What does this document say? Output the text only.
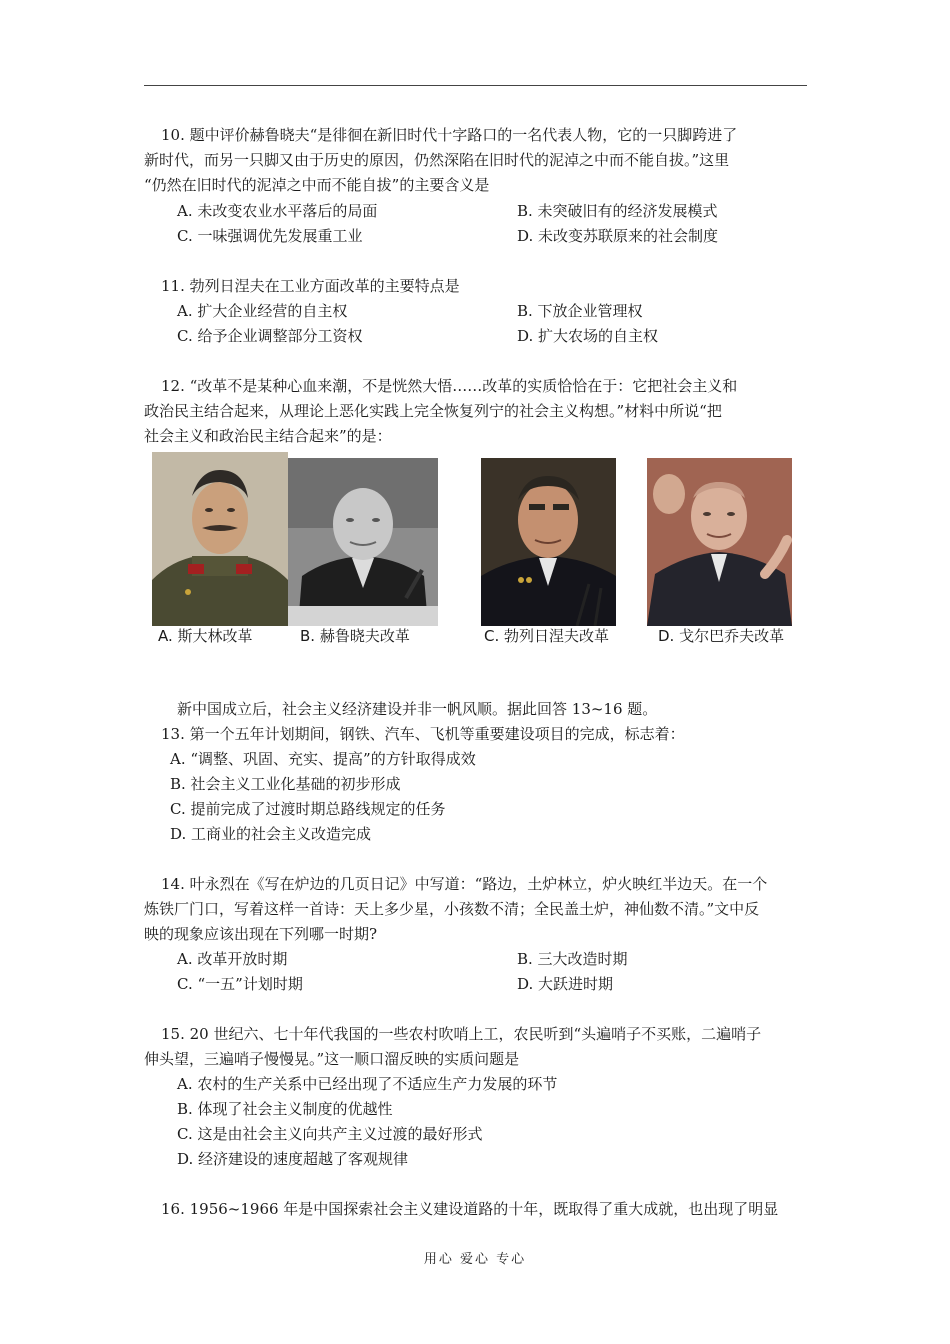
10. 题中评价赫鲁晓夫“是徘徊在新旧时代十字路口的一名代表人物，它的一只脚跨进了
新时代，而另一只脚又由于历史的原因，仍然深陷在旧时代的泥淖之中而不能自拔。”这里
“仍然在旧时代的泥淖之中而不能自拔”的主要含义是
A. 未改变农业水平落后的局面	B. 未突破旧有的经济发展模式
C. 一味强调优先发展重工业	D. 未改变苏联原来的社会制度
11. 勃列日涅夫在工业方面改革的主要特点是
A. 扩大企业经营的自主权	B. 下放企业管理权
C. 给予企业调整部分工资权	D. 扩大农场的自主权
12. “改革不是某种心血来潮，不是恍然大悟……改革的实质恰恰在于：它把社会主义和
政治民主结合起来，从理论上恶化实践上完全恢复列宁的社会主义构想。”材料中所说“把
社会主义和政治民主结合起来”的是：
A. 斯大林改革	B. 赫鲁晓夫改革	C. 勃列日涅夫改革	D. 戈尔巴乔夫改革
新中国成立后，社会主义经济建设并非一帆风顺。据此回答 13~16 题。
13. 第一个五年计划期间，钢铁、汽车、飞机等重要建设项目的完成，标志着：
A. “调整、巩固、充实、提高”的方针取得成效
B. 社会主义工业化基础的初步形成
C. 提前完成了过渡时期总路线规定的任务
D. 工商业的社会主义改造完成
14. 叶永烈在《写在炉边的几页日记》中写道：“路边，土炉林立，炉火映红半边天。在一个
炼铁厂门口，写着这样一首诗：天上多少星，小孩数不清；全民盖土炉，神仙数不清。”文中反
映的现象应该出现在下列哪一时期?
A. 改革开放时期	B. 三大改造时期
C. “一五”计划时期	D. 大跃进时期
15. 20 世纪六、七十年代我国的一些农村吹哨上工，农民听到“头遍哨子不买账，二遍哨子
伸头望，三遍哨子慢慢晃。”这一顺口溜反映的实质问题是
A. 农村的生产关系中已经出现了不适应生产力发展的环节
B. 体现了社会主义制度的优越性
C. 这是由社会主义向共产主义过渡的最好形式
D. 经济建设的速度超越了客观规律
16. 1956~1966 年是中国探索社会主义建设道路的十年，既取得了重大成就，也出现了明显
用心 爱心 专心
